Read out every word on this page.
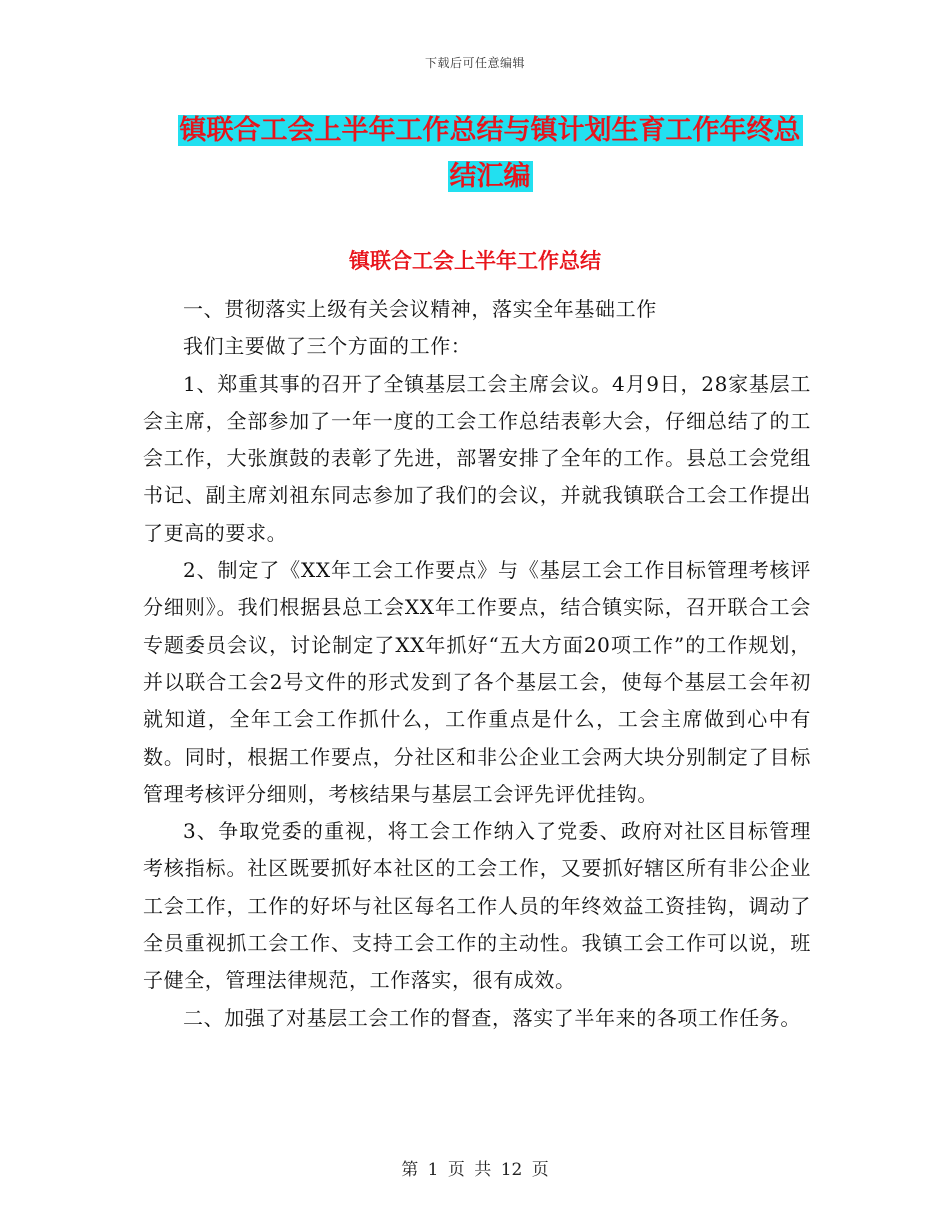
下载后可任意编辑
镇联合工会上半年工作总结与镇计划生育工作年终总
结汇编
镇联合工会上半年工作总结

一、贯彻落实上级有关会议精神，落实全年基础工作

我们主要做了三个方面的工作：

1、郑重其事的召开了全镇基层工会主席会议。4月9日，28家基层工会主席，全部参加了一年一度的工会工作总结表彰大会，仔细总结了的工会工作，大张旗鼓的表彰了先进，部署安排了全年的工作。县总工会党组书记、副主席刘祖东同志参加了我们的会议，并就我镇联合工会工作提出了更高的要求。

2、制定了《XX年工会工作要点》与《基层工会工作目标管理考核评分细则》。我们根据县总工会XX年工作要点，结合镇实际，召开联合工会专题委员会议，讨论制定了XX年抓好“五大方面20项工作”的工作规划，并以联合工会2号文件的形式发到了各个基层工会，使每个基层工会年初就知道，全年工会工作抓什么，工作重点是什么，工会主席做到心中有数。同时，根据工作要点，分社区和非公企业工会两大块分别制定了目标管理考核评分细则，考核结果与基层工会评先评优挂钩。

3、争取党委的重视，将工会工作纳入了党委、政府对社区目标管理考核指标。社区既要抓好本社区的工会工作，又要抓好辖区所有非公企业工会工作，工作的好坏与社区每名工作人员的年终效益工资挂钩，调动了全员重视抓工会工作、支持工会工作的主动性。我镇工会工作可以说，班子健全，管理法律规范，工作落实，很有成效。

二、加强了对基层工会工作的督查，落实了半年来的各项工作任务。

第 1 页 共 12 页
